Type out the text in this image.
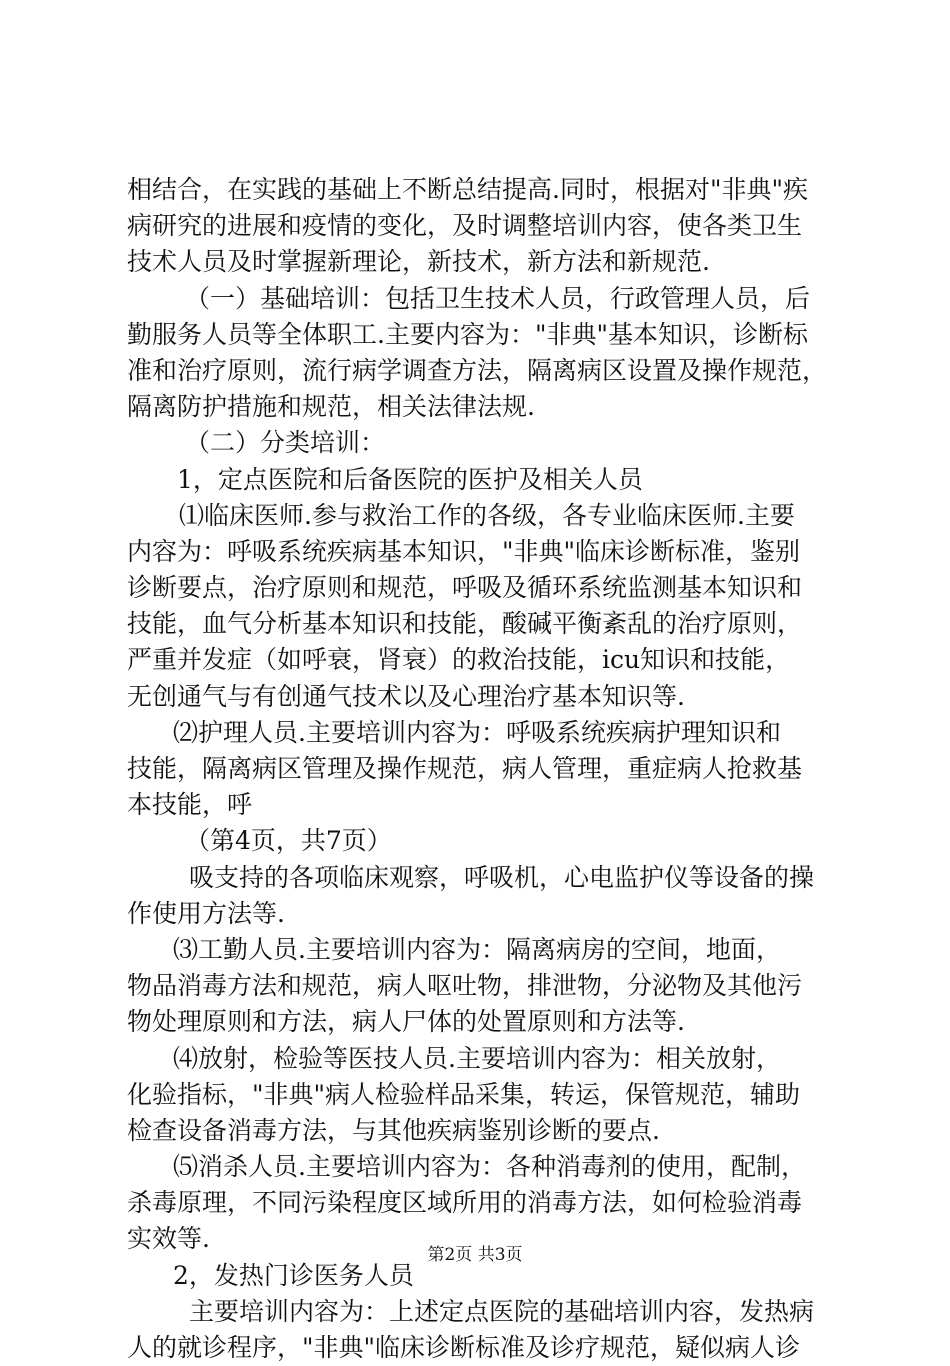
相结合，在实践的基础上不断总结提高.同时，根据对"非典"疾
病研究的进展和疫情的变化，及时调整培训内容，使各类卫生
技术人员及时掌握新理论，新技术，新方法和新规范.
（一）基础培训：包括卫生技术人员，行政管理人员，后
勤服务人员等全体职工.主要内容为："非典"基本知识，诊断标
准和治疗原则，流行病学调查方法，隔离病区设置及操作规范，
隔离防护措施和规范，相关法律法规.
（二）分类培训：
1，定点医院和后备医院的医护及相关人员
⑴临床医师.参与救治工作的各级，各专业临床医师.主要
内容为：呼吸系统疾病基本知识，"非典"临床诊断标准，鉴别
诊断要点，治疗原则和规范，呼吸及循环系统监测基本知识和
技能，血气分析基本知识和技能，酸碱平衡紊乱的治疗原则，
严重并发症（如呼衰，肾衰）的救治技能，icu知识和技能，
无创通气与有创通气技术以及心理治疗基本知识等.
⑵护理人员.主要培训内容为：呼吸系统疾病护理知识和
技能，隔离病区管理及操作规范，病人管理，重症病人抢救基
本技能，呼
（第4页，共7页）
吸支持的各项临床观察，呼吸机，心电监护仪等设备的操
作使用方法等.
⑶工勤人员.主要培训内容为：隔离病房的空间，地面，
物品消毒方法和规范，病人呕吐物，排泄物，分泌物及其他污
物处理原则和方法，病人尸体的处置原则和方法等.
⑷放射，检验等医技人员.主要培训内容为：相关放射，
化验指标，"非典"病人检验样品采集，转运，保管规范，辅助
检查设备消毒方法，与其他疾病鉴别诊断的要点.
⑸消杀人员.主要培训内容为：各种消毒剂的使用，配制，
杀毒原理，不同污染程度区域所用的消毒方法，如何检验消毒
实效等.
2，发热门诊医务人员
主要培训内容为：上述定点医院的基础培训内容，发热病
人的就诊程序，"非典"临床诊断标准及诊疗规范，疑似病人诊
第2页 共3页
